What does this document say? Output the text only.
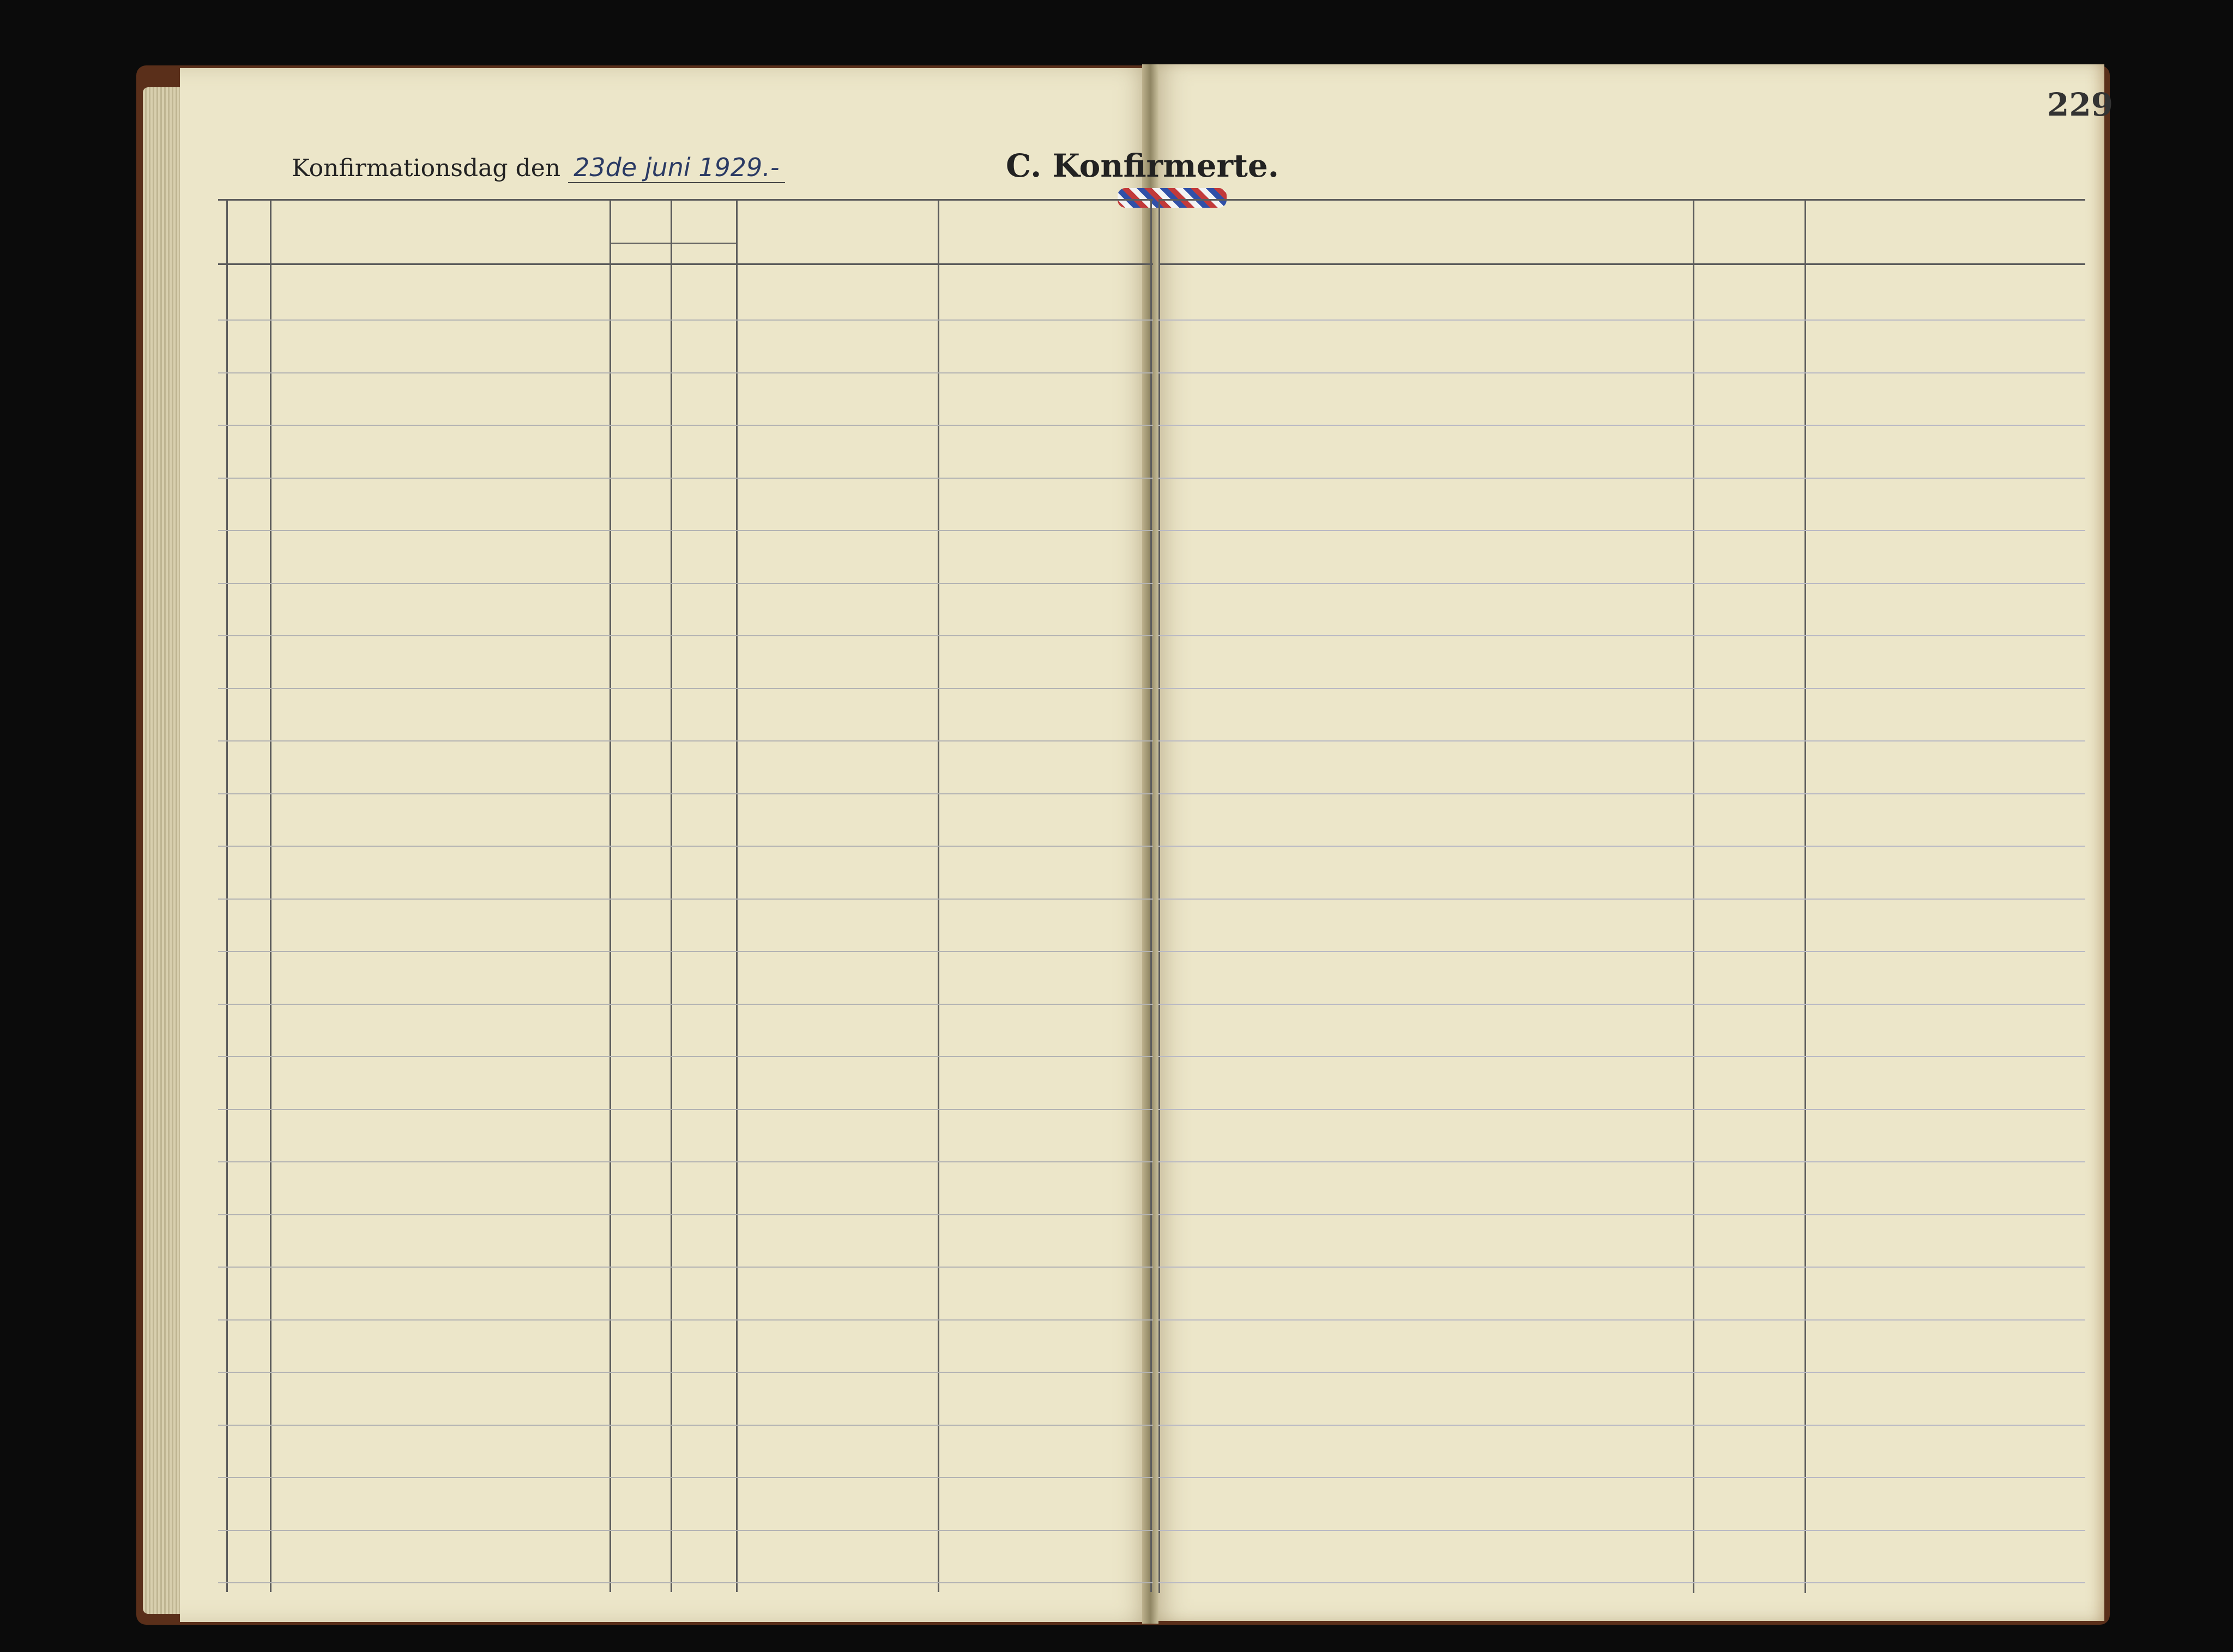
Konfirmationsdag den 23de juni 1929.-	C. Konfirmerte.
229
